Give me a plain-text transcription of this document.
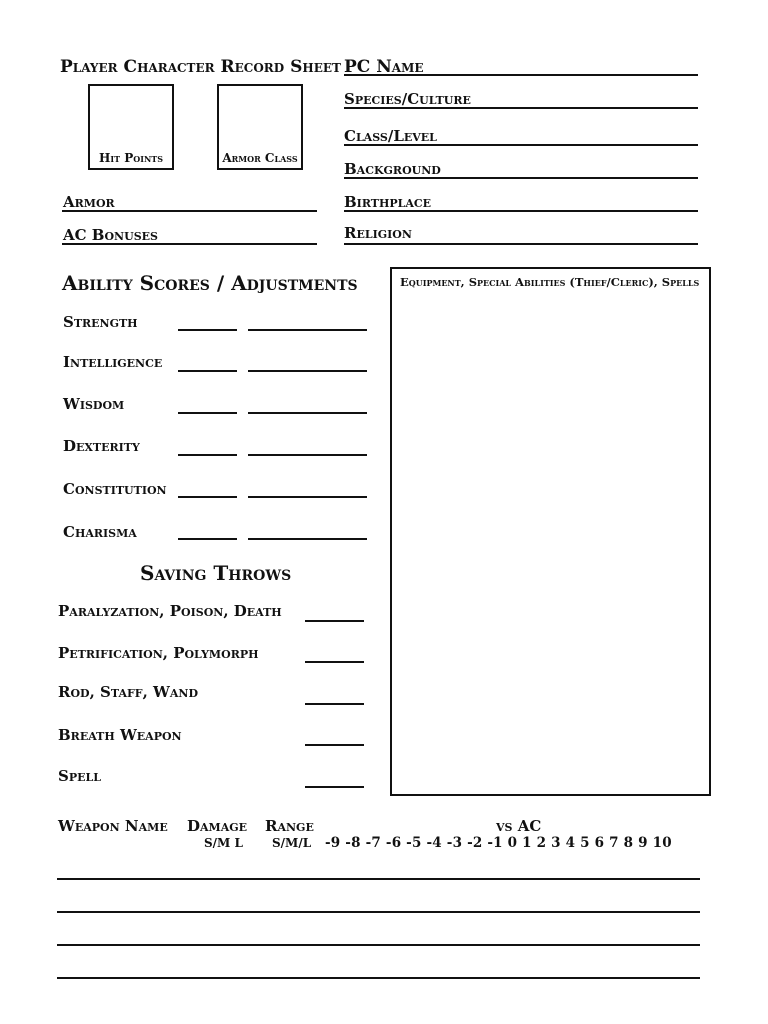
Player Character Record Sheet
Hit Points	Armor Class
PC Name
Species/Culture
Class/Level
Background
Birthplace
Religion
Armor
AC Bonuses
Ability Scores / Adjustments
Strength
Intelligence
Wisdom
Dexterity
Constitution
Charisma
Saving Throws
Paralyzation, Poison, Death
Petrification, Polymorph
Rod, Staff, Wand
Breath Weapon
Spell
Equipment, Special Abilities (Thief/Cleric), Spells
Weapon Name Damage Range	vs AC
S/M L S/M/L -9 -8 -7 -6 -5 -4 -3 -2 -1 0 1 2 3 4 5 6 7 8 9 10
